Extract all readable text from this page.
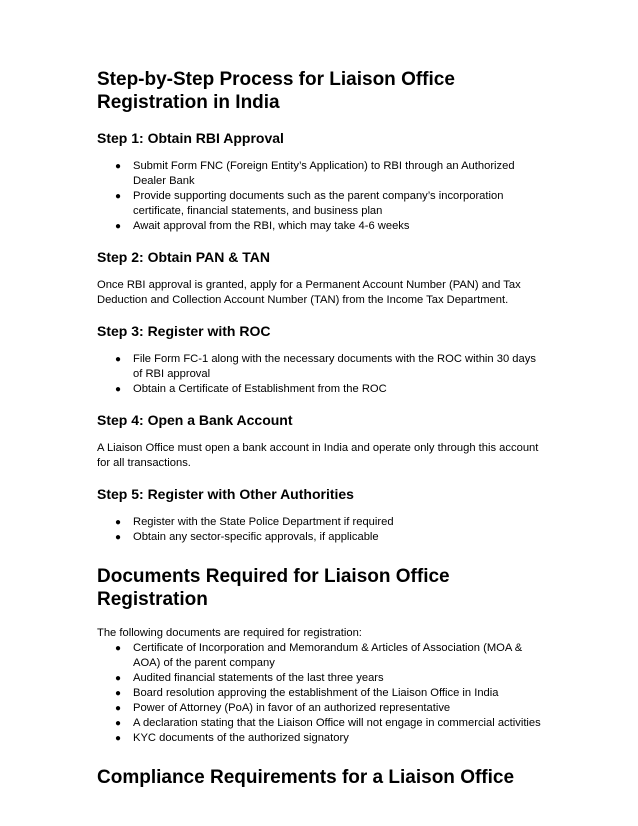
Step-by-Step Process for Liaison Office Registration in India
Step 1: Obtain RBI Approval
● Submit Form FNC (Foreign Entity’s Application) to RBI through an Authorized Dealer Bank
● Provide supporting documents such as the parent company’s incorporation certificate, financial statements, and business plan
● Await approval from the RBI, which may take 4-6 weeks
Step 2: Obtain PAN & TAN

Once RBI approval is granted, apply for a Permanent Account Number (PAN) and Tax Deduction and Collection Account Number (TAN) from the Income Tax Department.

Step 3: Register with ROC
● File Form FC-1 along with the necessary documents with the ROC within 30 days of RBI approval
● Obtain a Certificate of Establishment from the ROC
Step 4: Open a Bank Account

A Liaison Office must open a bank account in India and operate only through this account for all transactions.

Step 5: Register with Other Authorities
● Register with the State Police Department if required
● Obtain any sector-specific approvals, if applicable
Documents Required for Liaison Office Registration

The following documents are required for registration:

● Certificate of Incorporation and Memorandum & Articles of Association (MOA & AOA) of the parent company
● Audited financial statements of the last three years
● Board resolution approving the establishment of the Liaison Office in India
● Power of Attorney (PoA) in favor of an authorized representative
● A declaration stating that the Liaison Office will not engage in commercial activities
● KYC documents of the authorized signatory
Compliance Requirements for a Liaison Office
